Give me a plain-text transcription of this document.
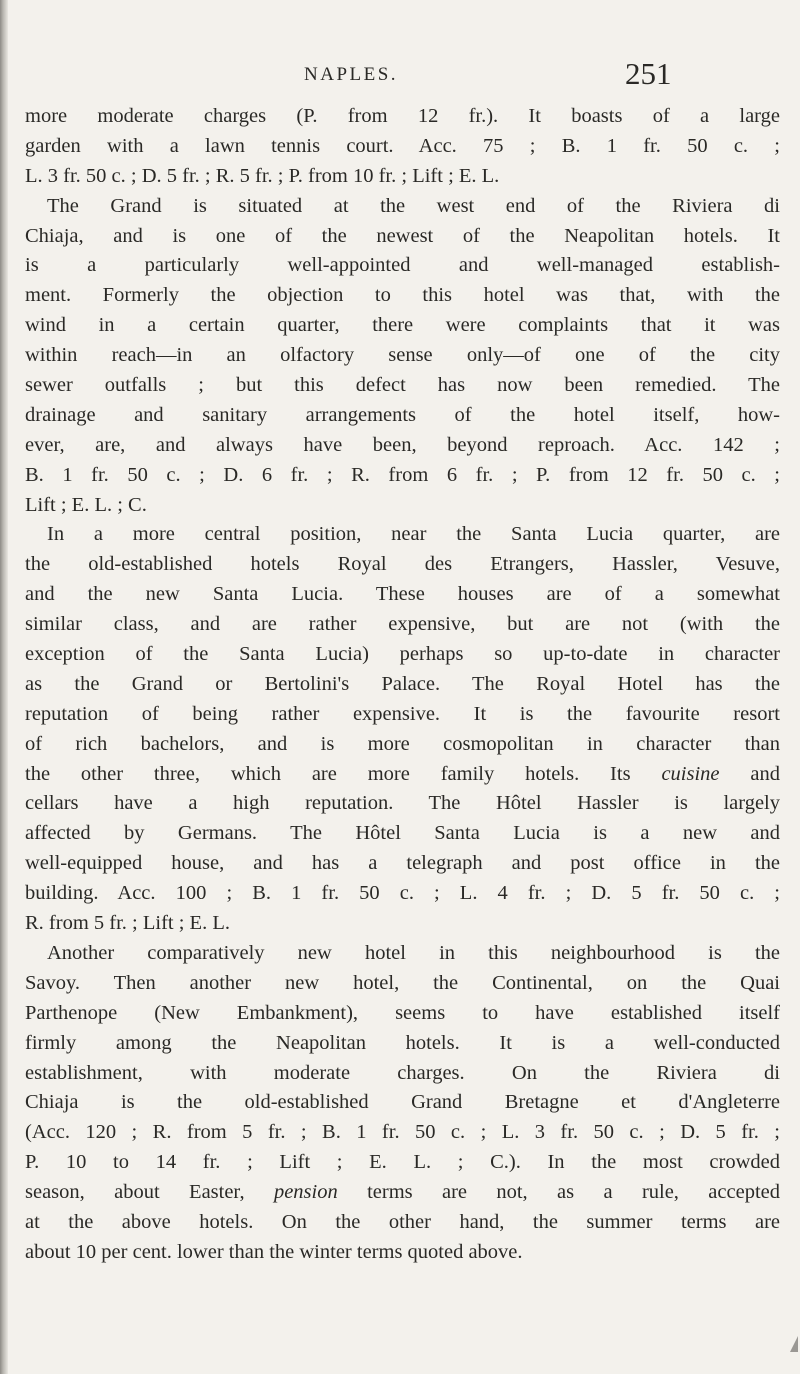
NAPLES.	251
more moderate charges (P. from 12 fr.). It boasts of a large
garden with a lawn tennis court. Acc. 75 ; B. 1 fr. 50 c. ;
L. 3 fr. 50 c. ; D. 5 fr. ; R. 5 fr. ; P. from 10 fr. ; Lift ; E. L.
The Grand is situated at the west end of the Riviera di
Chiaja, and is one of the newest of the Neapolitan hotels. It
is a particularly well-appointed and well-managed establish-
ment. Formerly the objection to this hotel was that, with the
wind in a certain quarter, there were complaints that it was
within reach—in an olfactory sense only—of one of the city
sewer outfalls ; but this defect has now been remedied. The
drainage and sanitary arrangements of the hotel itself, how-
ever, are, and always have been, beyond reproach. Acc. 142 ;
B. 1 fr. 50 c. ; D. 6 fr. ; R. from 6 fr. ; P. from 12 fr. 50 c. ;
Lift ; E. L. ; C.
In a more central position, near the Santa Lucia quarter, are
the old-established hotels Royal des Etrangers, Hassler, Vesuve,
and the new Santa Lucia. These houses are of a somewhat
similar class, and are rather expensive, but are not (with the
exception of the Santa Lucia) perhaps so up-to-date in character
as the Grand or Bertolini's Palace. The Royal Hotel has the
reputation of being rather expensive. It is the favourite resort
of rich bachelors, and is more cosmopolitan in character than
the other three, which are more family hotels. Its cuisine and
cellars have a high reputation. The Hôtel Hassler is largely
affected by Germans. The Hôtel Santa Lucia is a new and
well-equipped house, and has a telegraph and post office in the
building. Acc. 100 ; B. 1 fr. 50 c. ; L. 4 fr. ; D. 5 fr. 50 c. ;
R. from 5 fr. ; Lift ; E. L.
Another comparatively new hotel in this neighbourhood is the
Savoy. Then another new hotel, the Continental, on the Quai
Parthenope (New Embankment), seems to have established itself
firmly among the Neapolitan hotels. It is a well-conducted
establishment, with moderate charges. On the Riviera di
Chiaja is the old-established Grand Bretagne et d'Angleterre
(Acc. 120 ; R. from 5 fr. ; B. 1 fr. 50 c. ; L. 3 fr. 50 c. ; D. 5 fr. ;
P. 10 to 14 fr. ; Lift ; E. L. ; C.). In the most crowded
season, about Easter, pension terms are not, as a rule, accepted
at the above hotels. On the other hand, the summer terms are
about 10 per cent. lower than the winter terms quoted above.
